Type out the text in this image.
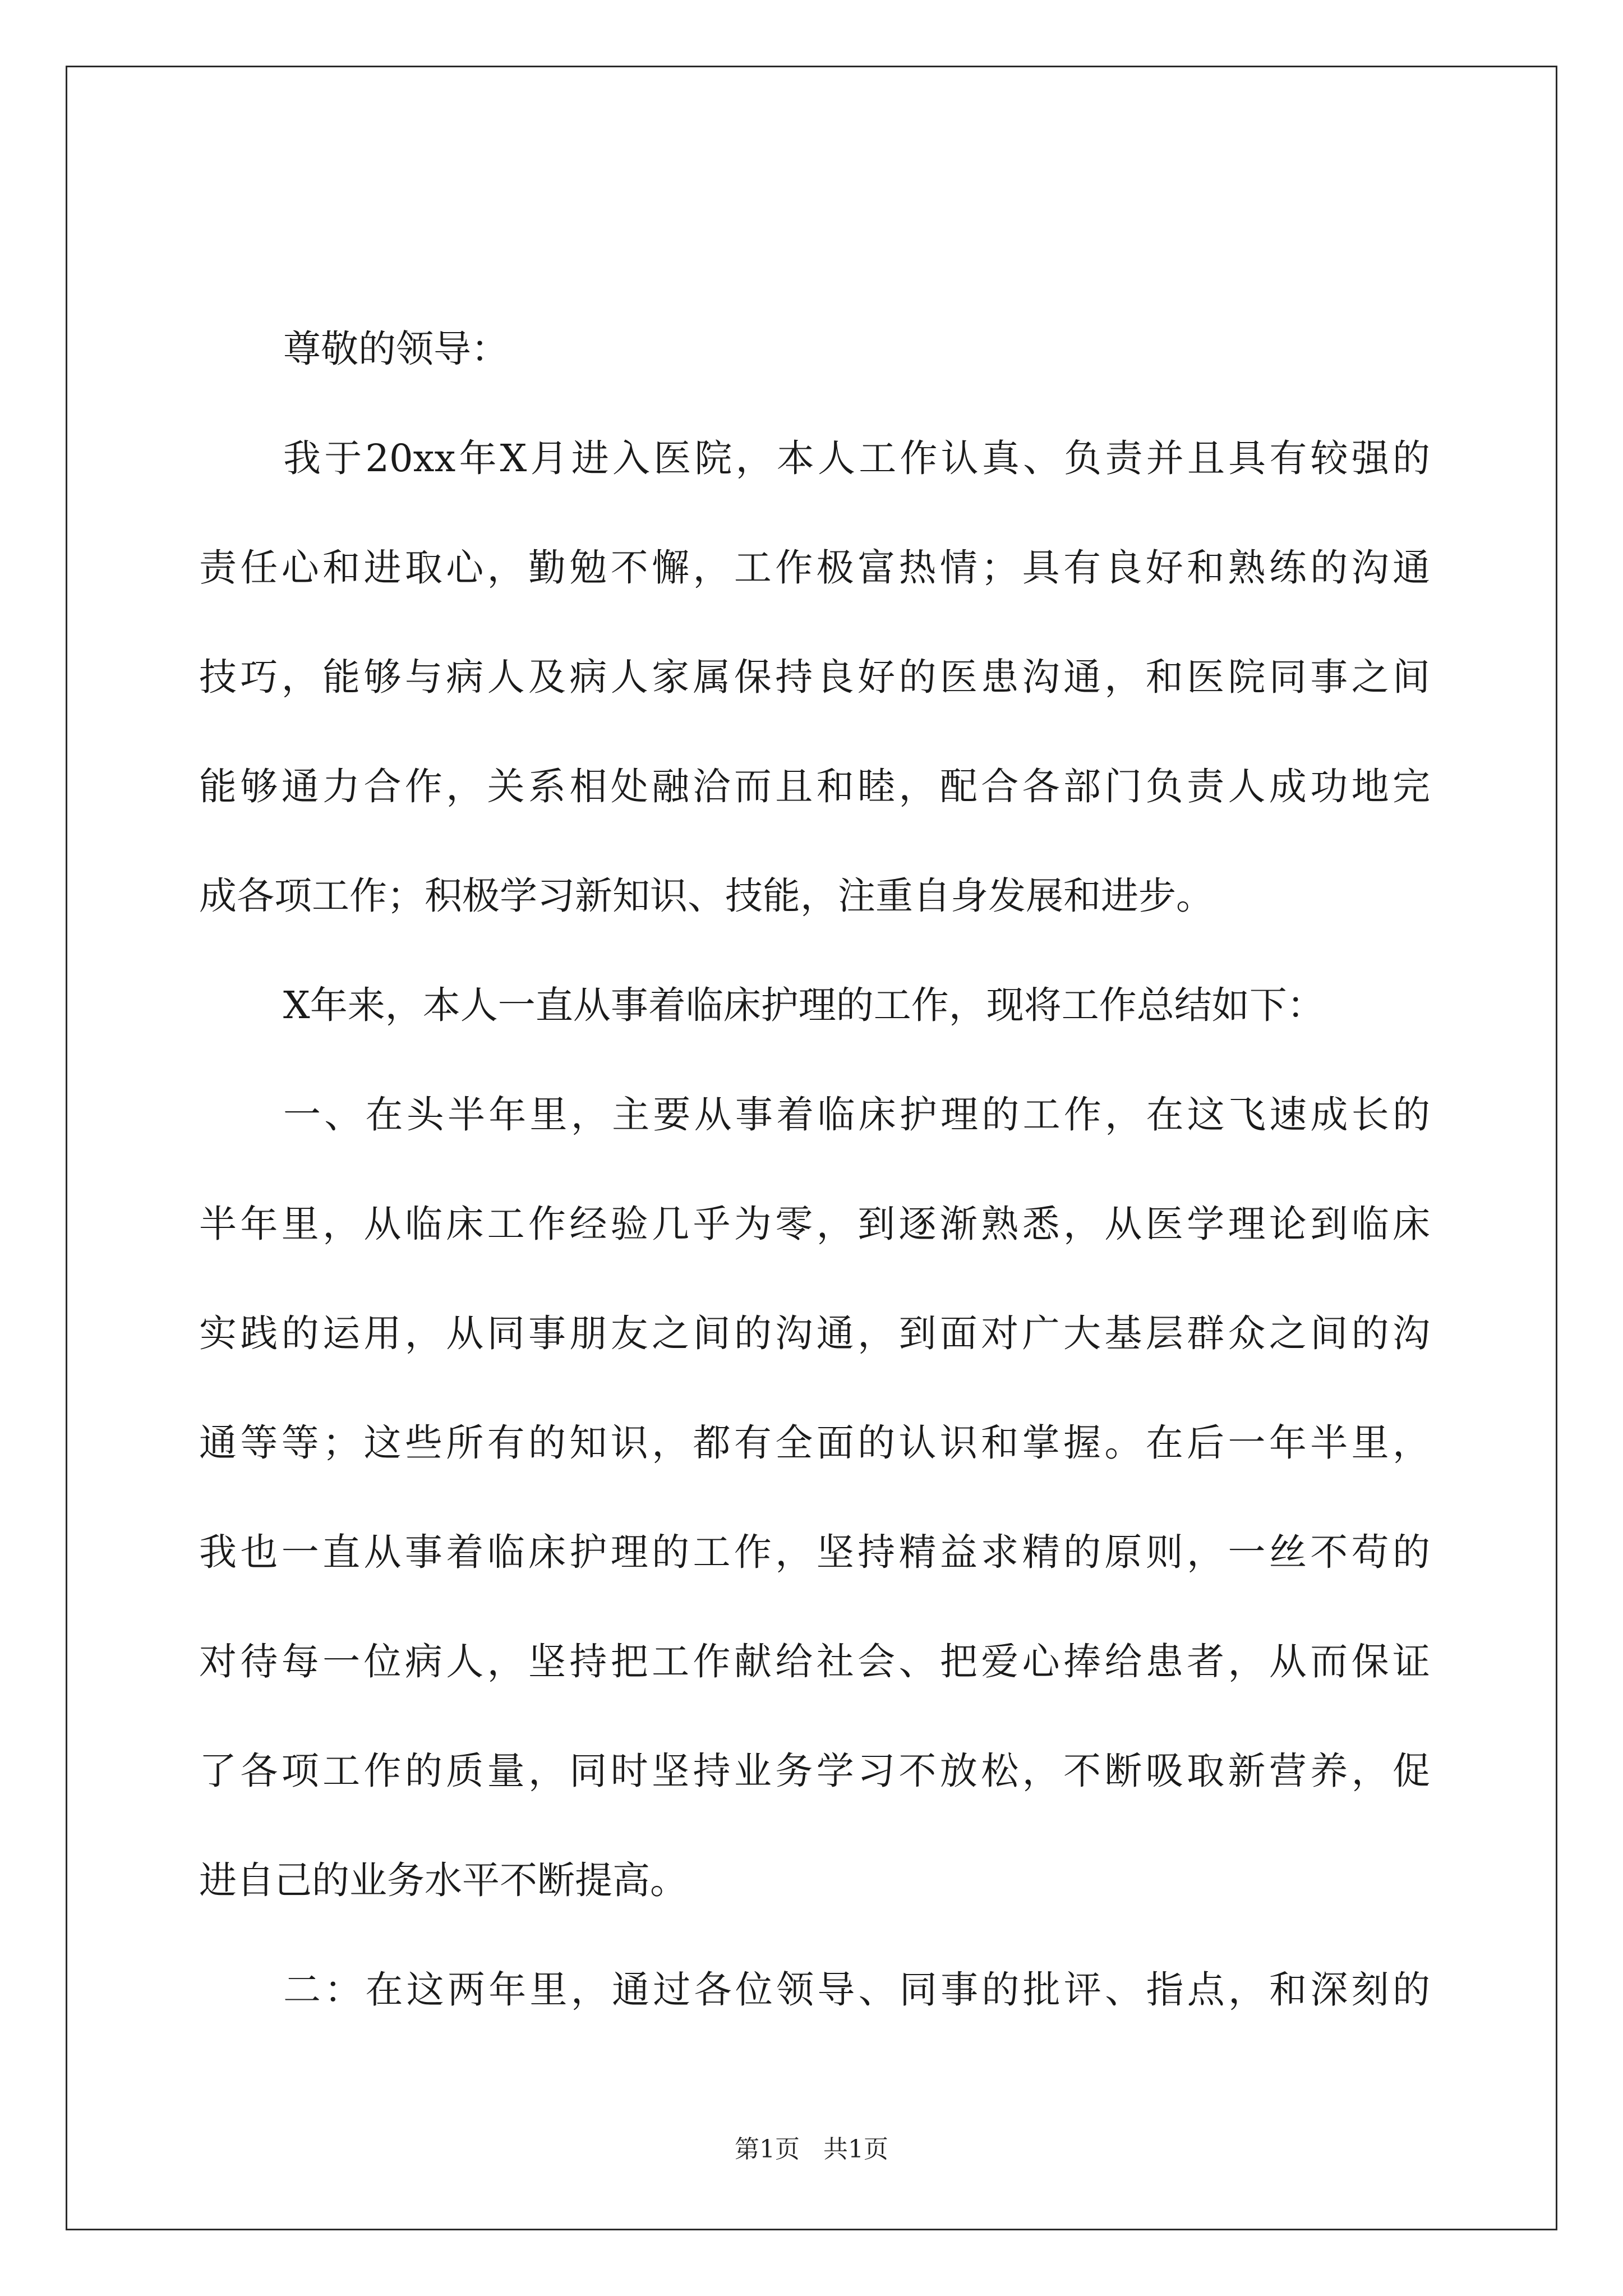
尊敬的领导：

我于20xx年X月进入医院，本人工作认真、负责并且具有较强的
责任心和进取心，勤勉不懈，工作极富热情；具有良好和熟练的沟通
技巧，能够与病人及病人家属保持良好的医患沟通，和医院同事之间
能够通力合作，关系相处融洽而且和睦，配合各部门负责人成功地完
成各项工作；积极学习新知识、技能，注重自身发展和进步。

X年来，本人一直从事着临床护理的工作，现将工作总结如下：

一、在头半年里，主要从事着临床护理的工作，在这飞速成长的
半年里，从临床工作经验几乎为零，到逐渐熟悉，从医学理论到临床
实践的运用，从同事朋友之间的沟通，到面对广大基层群众之间的沟
通等等；这些所有的知识，都有全面的认识和掌握。在后一年半里，
我也一直从事着临床护理的工作，坚持精益求精的原则，一丝不苟的
对待每一位病人，坚持把工作献给社会、把爱心捧给患者，从而保证
了各项工作的质量，同时坚持业务学习不放松，不断吸取新营养，促
进自己的业务水平不断提高。

二：在这两年里，通过各位领导、同事的批评、指点，和深刻的

第1页 共1页
